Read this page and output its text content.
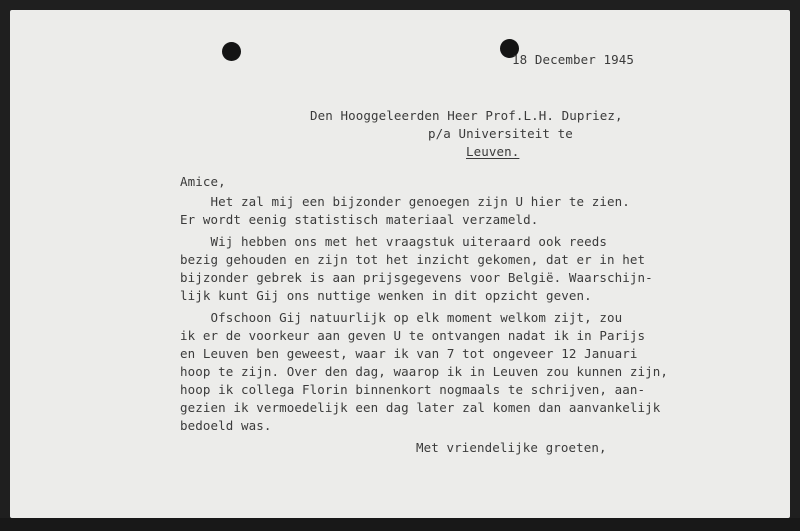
18 December 1945

Den Hooggeleerden Heer Prof.L.H. Dupriez,

p/a Universiteit te

Leuven.

Amice,

Het zal mij een bijzonder genoegen zijn U hier te zien.

Er wordt eenig statistisch materiaal verzameld.

Wij hebben ons met het vraagstuk uiteraard ook reeds

bezig gehouden en zijn tot het inzicht gekomen, dat er in het

bijzonder gebrek is aan prijsgegevens voor België. Waarschijn-

lijk kunt Gij ons nuttige wenken in dit opzicht geven.

Ofschoon Gij natuurlijk op elk moment welkom zijt, zou

ik er de voorkeur aan geven U te ontvangen nadat ik in Parijs

en Leuven ben geweest, waar ik van 7 tot ongeveer 12 Januari

hoop te zijn. Over den dag, waarop ik in Leuven zou kunnen zijn,

hoop ik collega Florin binnenkort nogmaals te schrijven, aan-

gezien ik vermoedelijk een dag later zal komen dan aanvankelijk

bedoeld was.

Met vriendelijke groeten,
